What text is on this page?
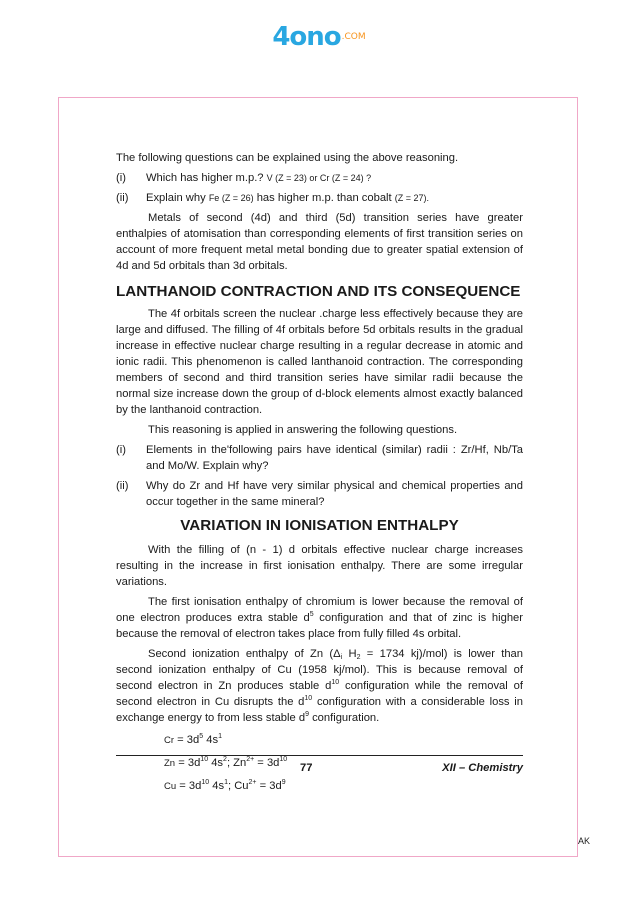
4ono$^{.COM}$

The following questions can be explained using the above reasoning.

(i)	Which has higher m.p.? V (Z = 23) or Cr (Z = 24) ?
(ii)	Explain why Fe (Z = 26) has higher m.p. than cobalt (Z = 27).

Metals of second (4d) and third (5d) transition series have greater enthalpies of atomisation than corresponding elements of first transition series on account of more frequent metal metal bonding due to greater spatial extension of 4d and 5d orbitals than 3d orbitals.

LANTHANOID CONTRACTION AND ITS CONSEQUENCE

The 4f orbitals screen the nuclear .charge less effectively because they are large and diffused. The filling of 4f orbitals before 5d orbitals results in the gradual increase in effective nuclear charge resulting in a regular decrease in atomic and ionic radii. This phenomenon is called lanthanoid contraction. The corresponding members of second and third transition series have similar radii because the normal size increase down the group of d-block elements almost exactly balanced by the lanthanoid contraction.

This reasoning is applied in answering the following questions.

(i)	Elements in the'following pairs have identical (similar) radii : Zr/Hf, Nb/Ta and Mo/W. Explain why?
(ii)	Why do Zr and Hf have very similar physical and chemical properties and occur together in the same mineral?
VARIATION IN IONISATION ENTHALPY

With the filling of (n - 1) d orbitals effective nuclear charge increases resulting in the increase in first ionisation enthalpy. There are some irregular variations.

The first ionisation enthalpy of chromium is lower because the removal of one electron produces extra stable $d^5$ configuration and that of zinc is higher because the removal of electron takes place from fully filled 4s orbital.

Second ionization enthalpy of Zn ($\Delta_i$ $H_2 = 1734$ kj)/mol) is lower than second ionization enthalpy of Cu (1958 kj/mol). This is because removal of second electron in Zn produces stable $d^{10}$ configuration while the removal of second electron in Cu disrupts the $d^{10}$ configuration with a considerable loss in exchange energy to from less stable $d^9$ configuration.

$Cr = 3d^5$ $4s^1$
$Zn = 3d^{10}$ $4s^2$; $Zn^{2+} = 3d^{10}$
$Cu = 3d^{10}$ $4s^1$; $Cu^{2+} = 3d^9$
77	XII – Chemistry
AK
